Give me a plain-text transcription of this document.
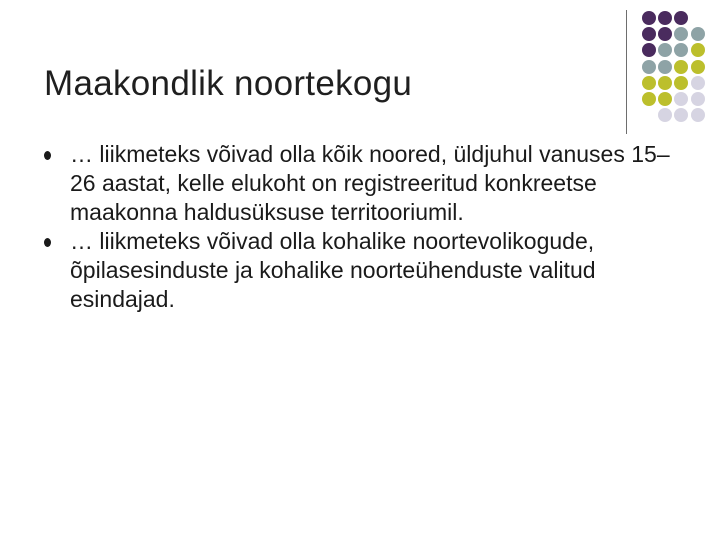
Maakondlik noortekogu
… liikmeteks võivad olla kõik noored, üldjuhul vanuses 15–26 aastat, kelle elukoht on registreeritud konkreetse maakonna haldusüksuse territooriumil.
… liikmeteks võivad olla kohalike noortevolikogude, õpilasesinduste ja kohalike noorteühenduste valitud esindajad.
